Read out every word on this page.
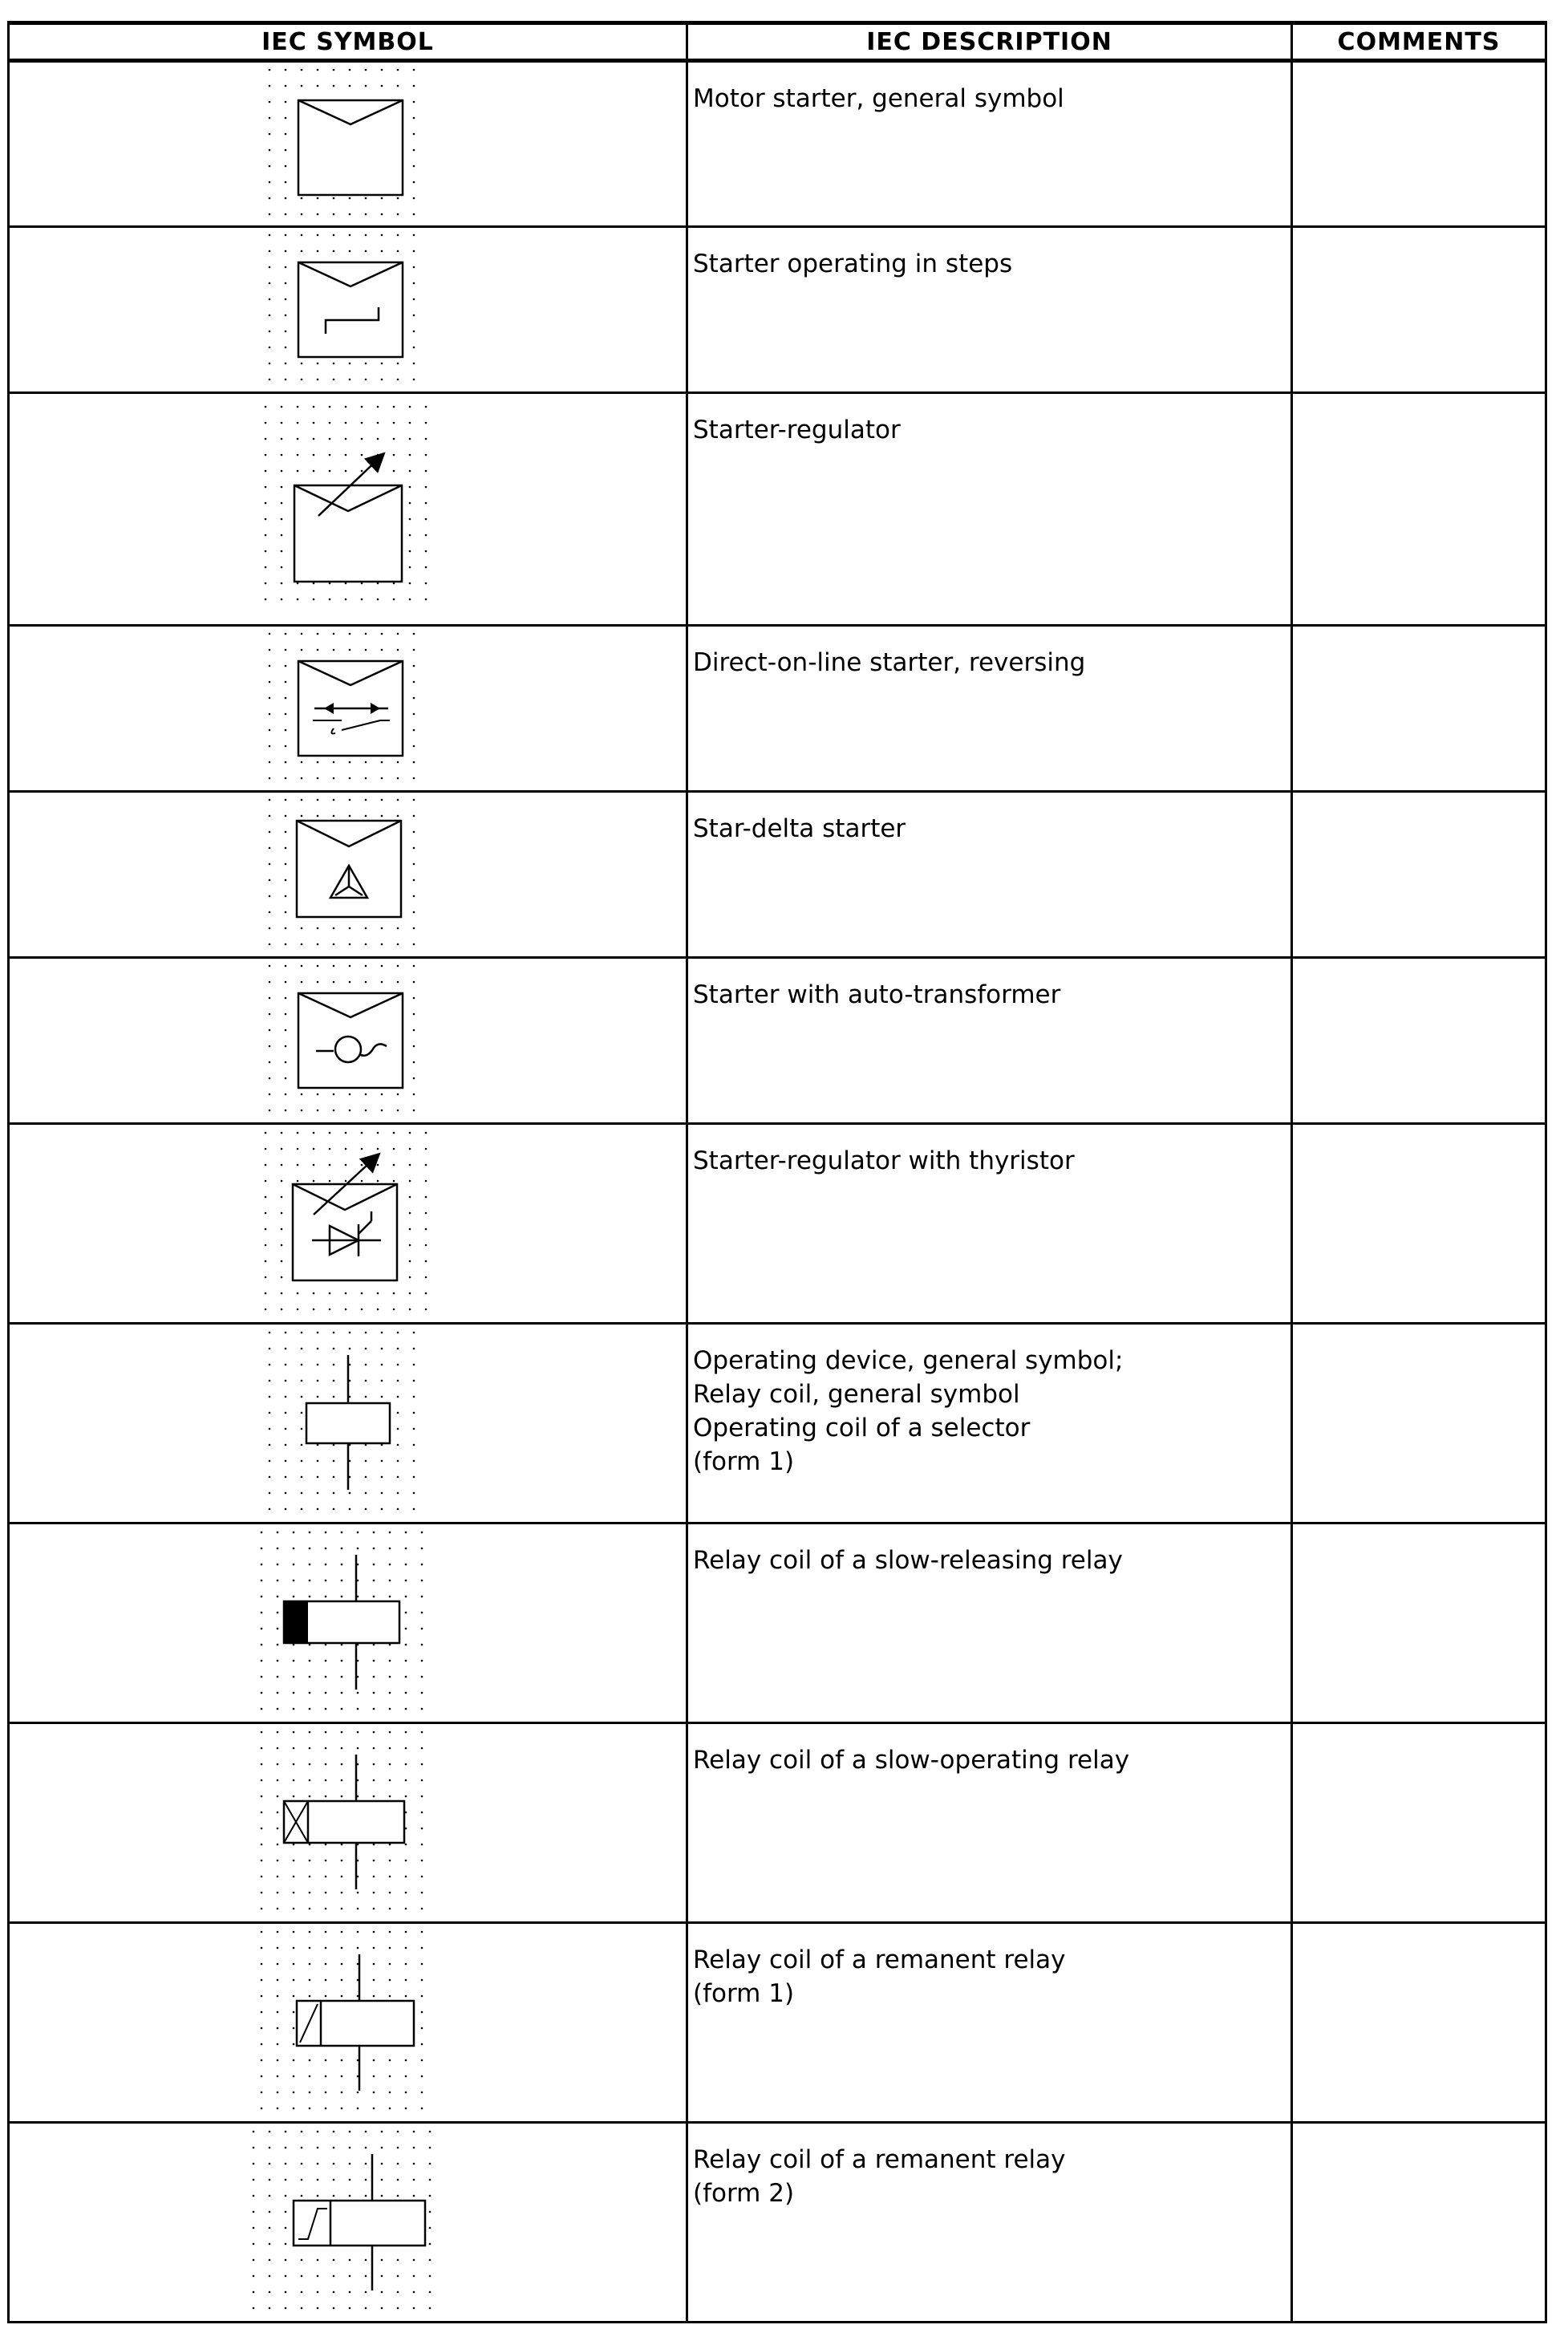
IEC SYMBOL	IEC DESCRIPTION	COMMENTS

Motor starter, general symbol	

Starter operating in steps	

Starter-regulator	

Direct-on-line starter, reversing	

Star-delta starter	

Starter with auto-transformer	

Starter-regulator with thyristor	

Operating device, general symbol;
Relay coil, general symbol
Operating coil of a selector
(form 1)	

Relay coil of a slow-releasing relay	

Relay coil of a slow-operating relay	

Relay coil of a remanent relay
(form 1)	

Relay coil of a remanent relay
(form 2)	
